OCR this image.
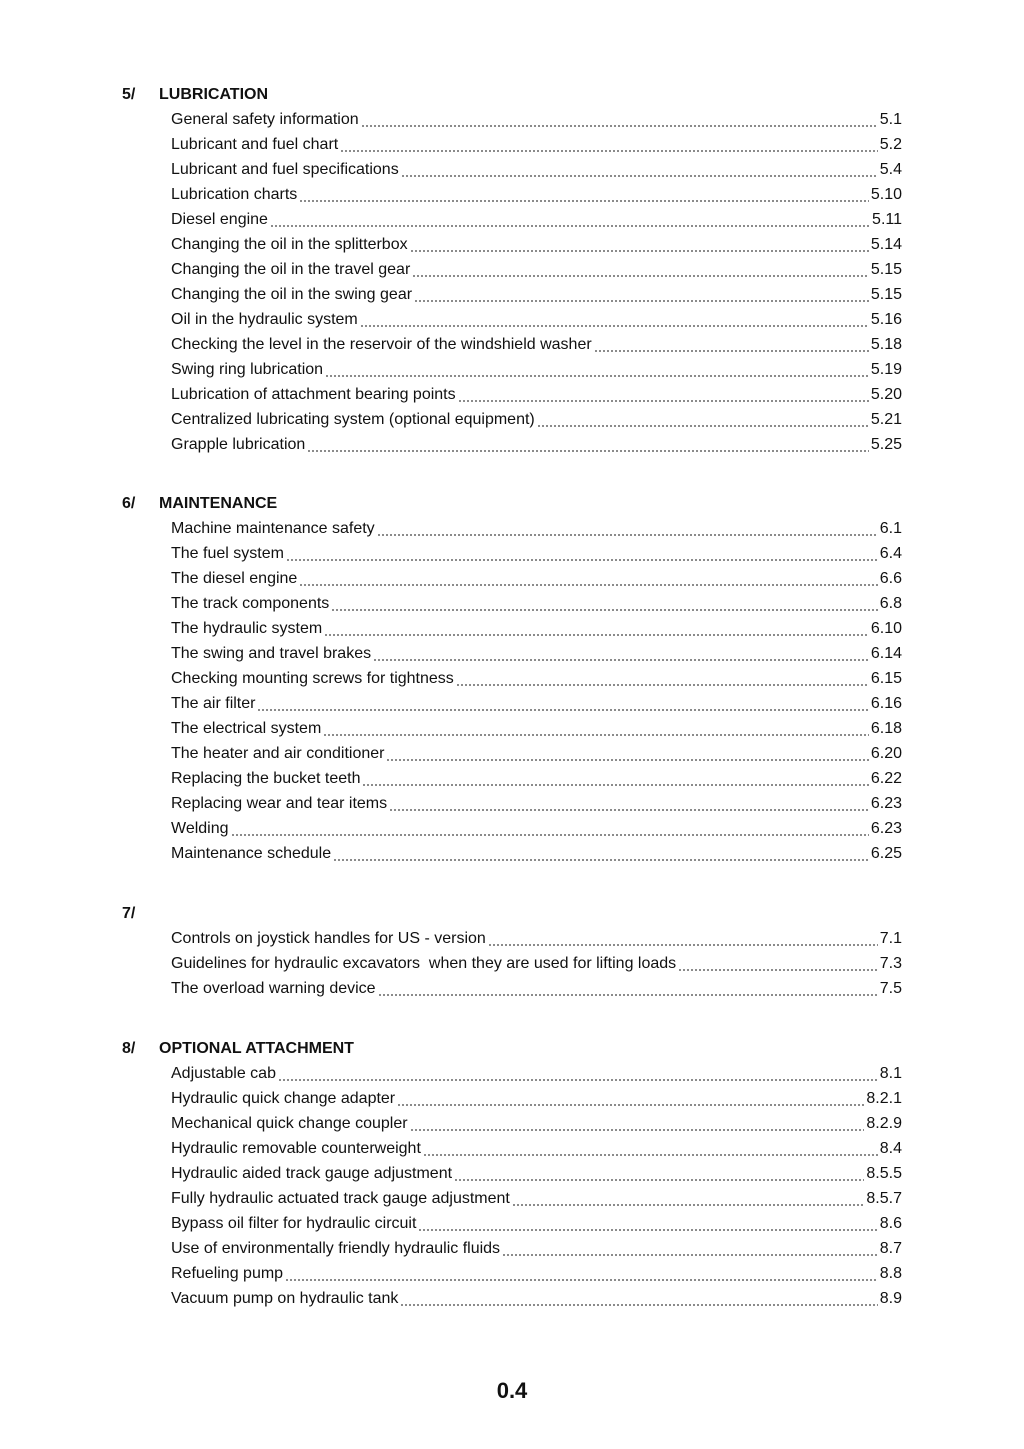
5/ LUBRICATION
General safety information	5.1
Lubricant and fuel chart	5.2
Lubricant and fuel specifications	5.4
Lubrication charts	5.10
Diesel engine	5.11
Changing the oil in the splitterbox	5.14
Changing the oil in the travel gear	5.15
Changing the oil in the swing gear	5.15
Oil in the hydraulic system	5.16
Checking the level in the reservoir of the windshield washer	5.18
Swing ring lubrication	5.19
Lubrication of attachment bearing points	5.20
Centralized lubricating system (optional equipment)	5.21
Grapple lubrication	5.25
6/ MAINTENANCE
Machine maintenance safety	6.1
The fuel system	6.4
The diesel engine	6.6
The track components	6.8
The hydraulic system	6.10
The swing and travel brakes	6.14
Checking mounting screws for tightness	6.15
The air filter	6.16
The electrical system	6.18
The heater and air conditioner	6.20
Replacing the bucket teeth	6.22
Replacing wear and tear items	6.23
Welding	6.23
Maintenance schedule	6.25
7/
Controls on joystick handles for US - version	7.1
Guidelines for hydraulic excavators  when they are used for lifting loads	7.3
The overload warning device	7.5
8/ OPTIONAL ATTACHMENT
Adjustable cab	8.1
Hydraulic quick change adapter	8.2.1
Mechanical quick change coupler	8.2.9
Hydraulic removable counterweight	8.4
Hydraulic aided track gauge adjustment	8.5.5
Fully hydraulic actuated track gauge adjustment	8.5.7
Bypass oil filter for hydraulic circuit	8.6
Use of environmentally friendly hydraulic fluids	8.7
Refueling pump	8.8
Vacuum pump on hydraulic tank	8.9
0.4
